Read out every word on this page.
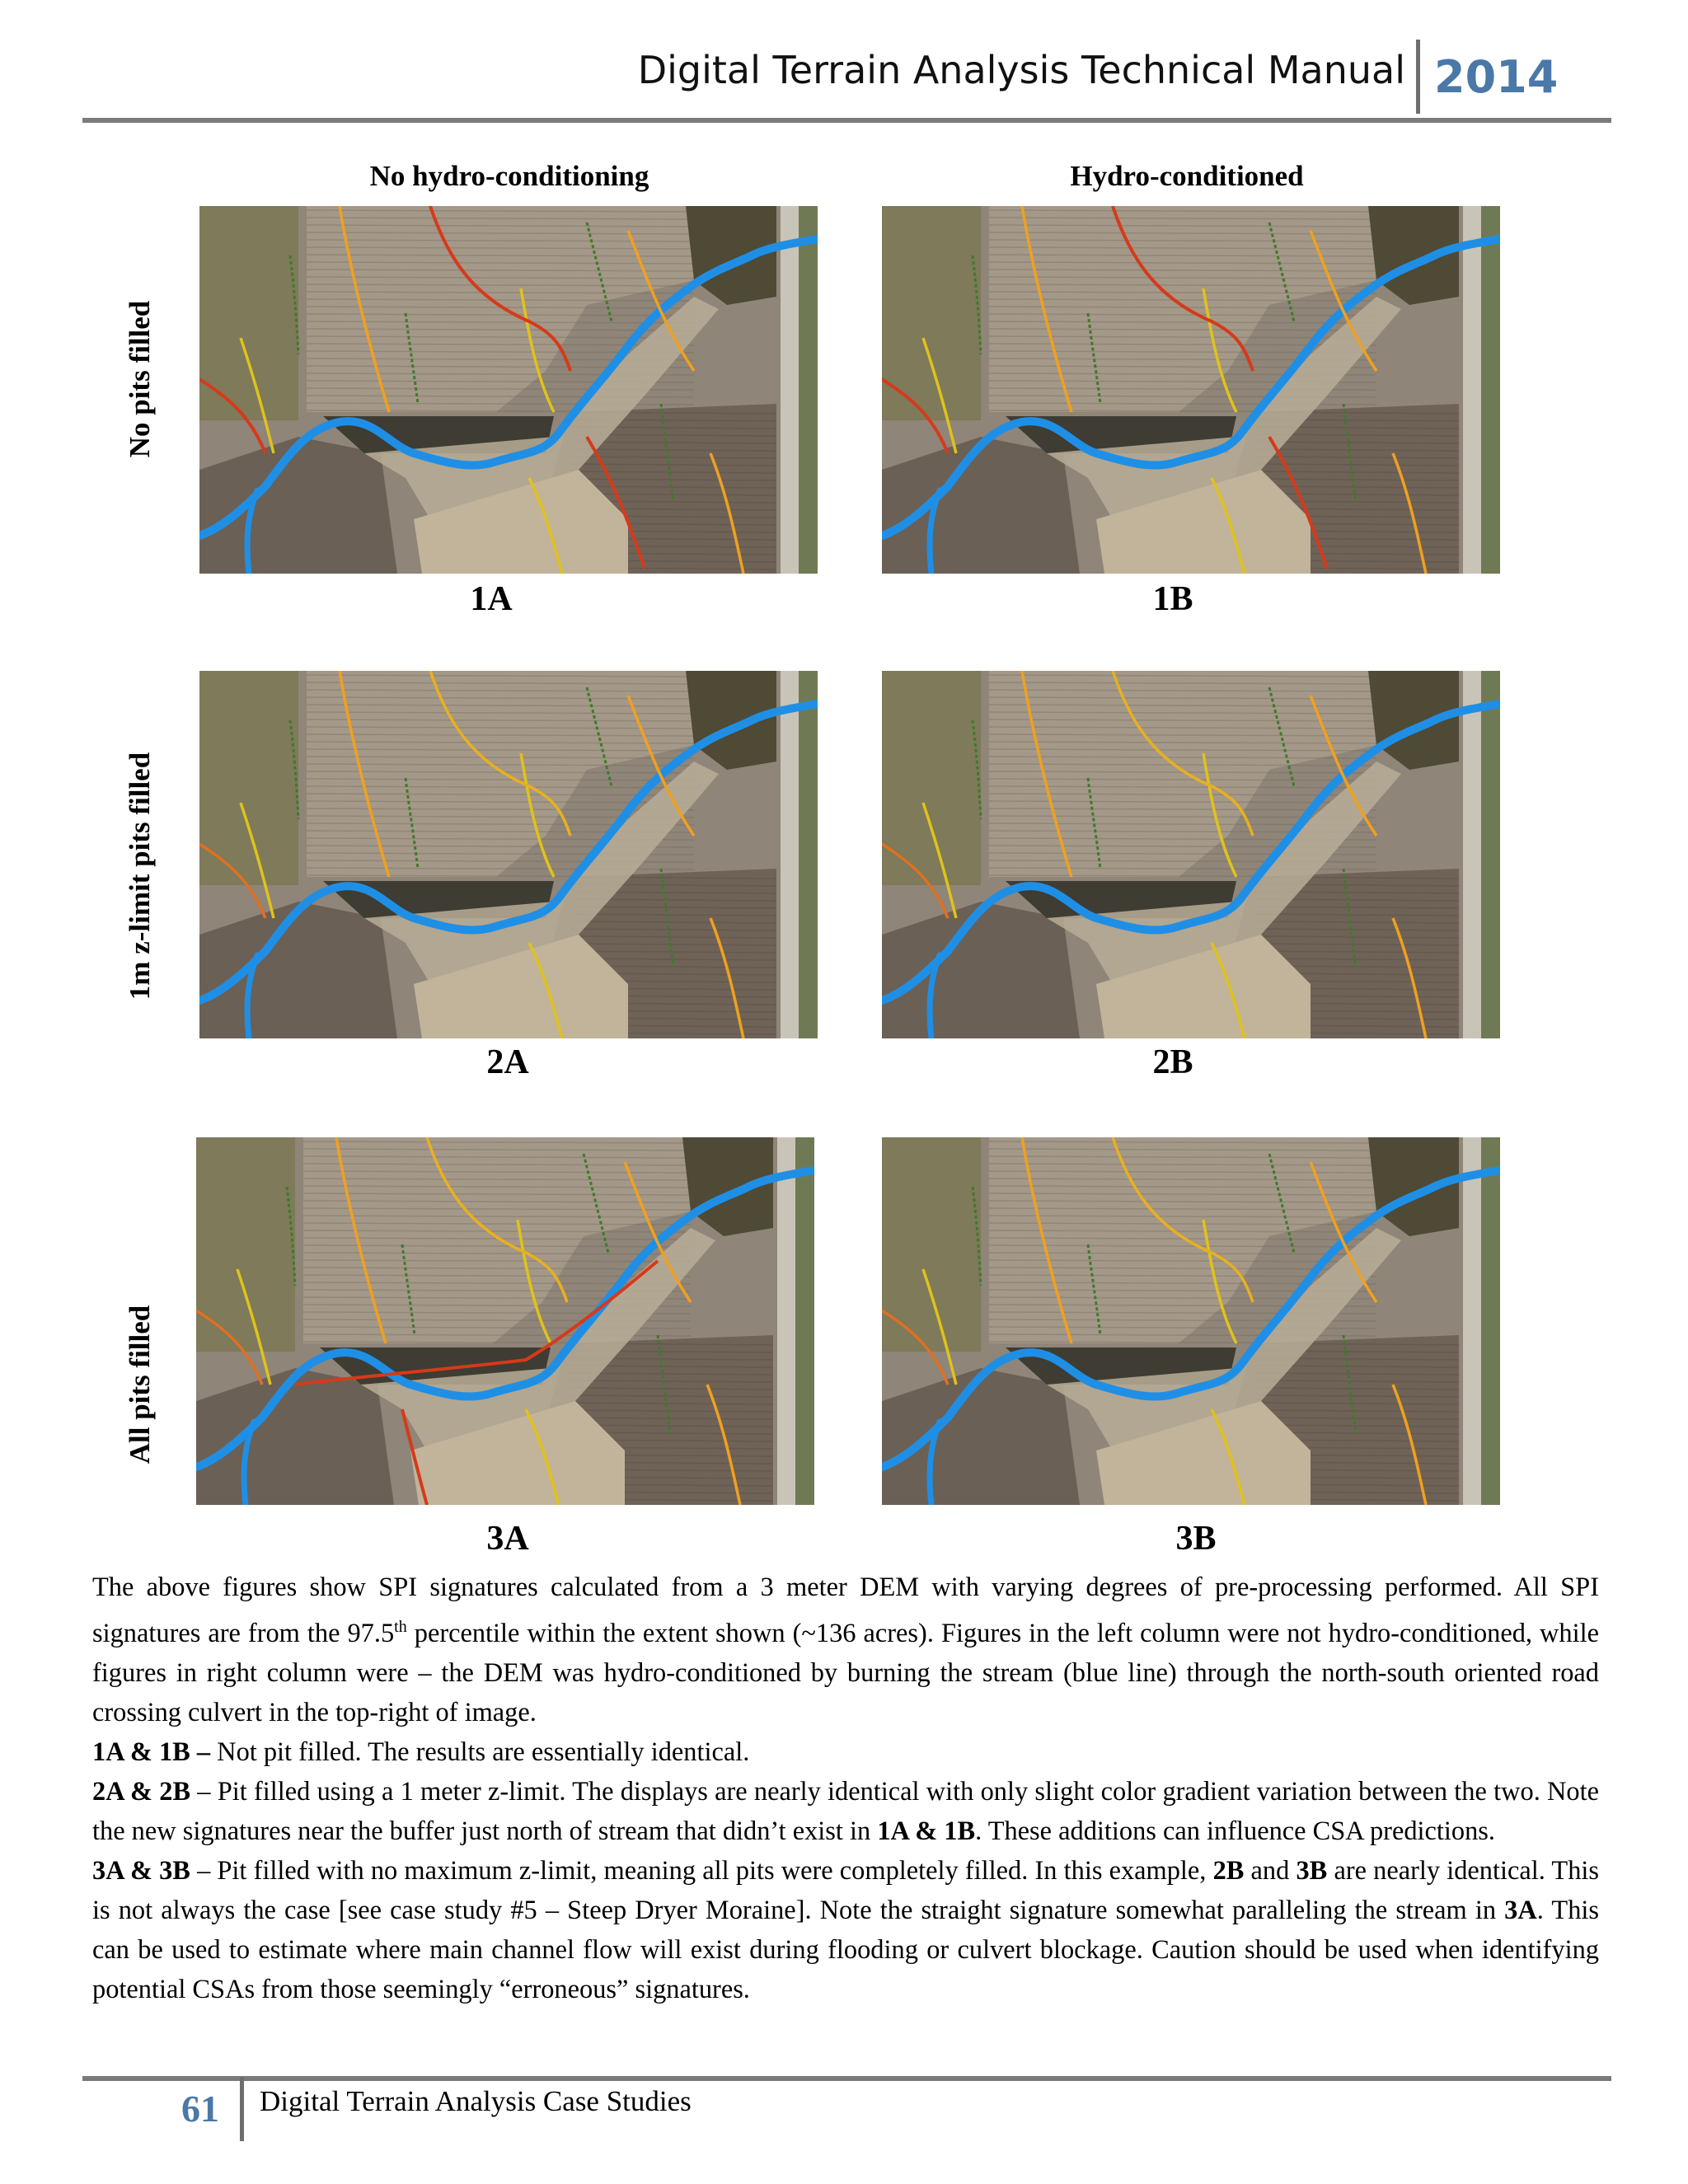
Digital Terrain Analysis Technical Manual 2014
No hydro-conditioning	Hydro-conditioned
No pits filled
1m z-limit pits filled
All pits filled
1A	1B
2A	2B
3A	3B

The above figures show SPI signatures calculated from a 3 meter DEM with varying degrees of pre-processing performed. All SPI signatures are from the 97.5th percentile within the extent shown (~136 acres). Figures in the left column were not hydro-conditioned, while figures in right column were – the DEM was hydro-conditioned by burning the stream (blue line) through the north-south oriented road crossing culvert in the top-right of image.

1A & 1B – Not pit filled. The results are essentially identical.

2A & 2B – Pit filled using a 1 meter z-limit. The displays are nearly identical with only slight color gradient variation between the two. Note the new signatures near the buffer just north of stream that didn’t exist in 1A & 1B. These additions can influence CSA predictions.

3A & 3B – Pit filled with no maximum z-limit, meaning all pits were completely filled. In this example, 2B and 3B are nearly identical. This is not always the case [see case study #5 – Steep Dryer Moraine]. Note the straight signature somewhat paralleling the stream in 3A. This can be used to estimate where main channel flow will exist during flooding or culvert blockage. Caution should be used when identifying potential CSAs from those seemingly “erroneous” signatures.

61 Digital Terrain Analysis Case Studies
